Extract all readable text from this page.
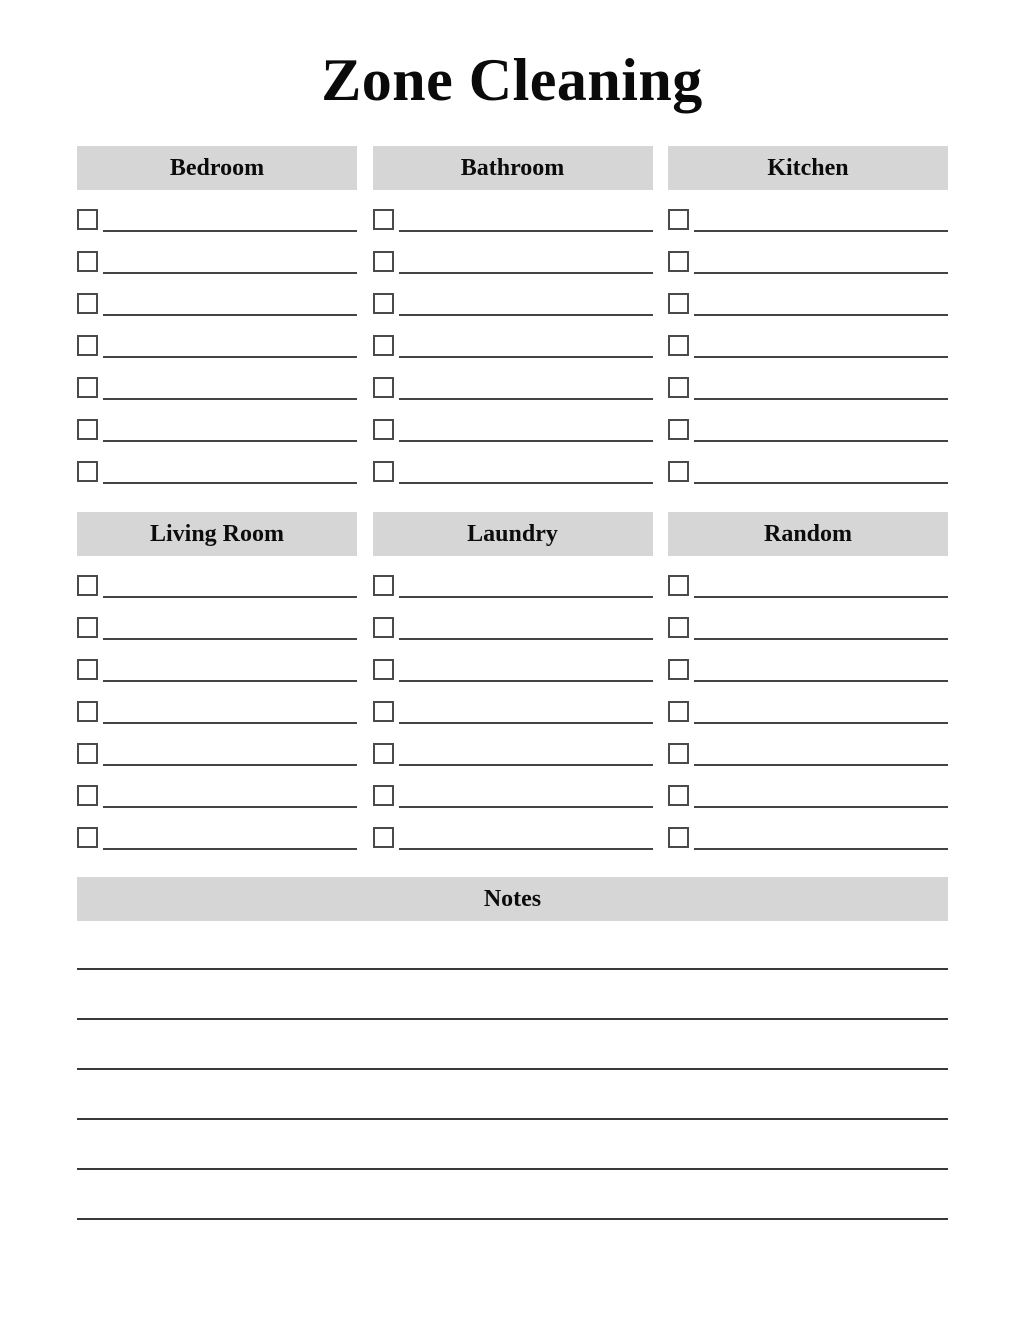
Zone Cleaning
Bedroom	Bathroom	Kitchen
Living Room	Laundry	Random
Notes
